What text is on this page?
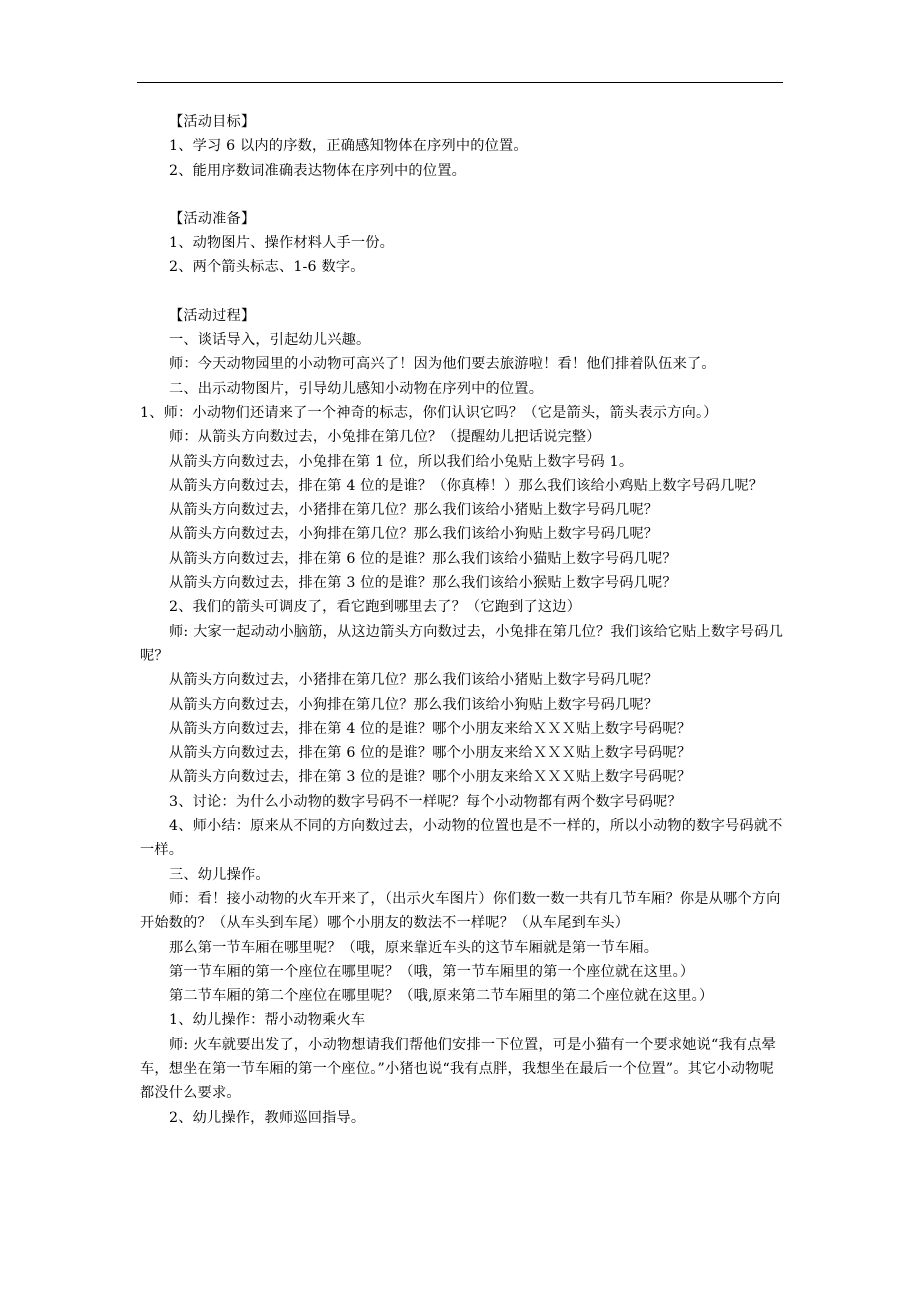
【活动目标】
1、学习 6 以内的序数，正确感知物体在序列中的位置。
2、能用序数词准确表达物体在序列中的位置。
【活动准备】
1、动物图片、操作材料人手一份。
2、两个箭头标志、1-6 数字。
【活动过程】
一、谈话导入，引起幼儿兴趣。
师：今天动物园里的小动物可高兴了！因为他们要去旅游啦！看！他们排着队伍来了。
二、出示动物图片，引导幼儿感知小动物在序列中的位置。
1、师：小动物们还请来了一个神奇的标志，你们认识它吗？（它是箭头，箭头表示方向。）
师：从箭头方向数过去，小兔排在第几位？（提醒幼儿把话说完整）
从箭头方向数过去，小兔排在第 1 位，所以我们给小兔贴上数字号码 1。
从箭头方向数过去，排在第 4 位的是谁？（你真棒！）那么我们该给小鸡贴上数字号码几呢？
从箭头方向数过去，小猪排在第几位？那么我们该给小猪贴上数字号码几呢？
从箭头方向数过去，小狗排在第几位？那么我们该给小狗贴上数字号码几呢？
从箭头方向数过去，排在第 6 位的是谁？那么我们该给小猫贴上数字号码几呢？
从箭头方向数过去，排在第 3 位的是谁？那么我们该给小猴贴上数字号码几呢？
2、我们的箭头可调皮了，看它跑到哪里去了？（它跑到了这边）
师: 大家一起动动小脑筋，从这边箭头方向数过去，小兔排在第几位？我们该给它贴上数字号码几呢？
从箭头方向数过去，小猪排在第几位？那么我们该给小猪贴上数字号码几呢？
从箭头方向数过去，小狗排在第几位？那么我们该给小狗贴上数字号码几呢？
从箭头方向数过去，排在第 4 位的是谁？哪个小朋友来给ＸＸＸ贴上数字号码呢？
从箭头方向数过去，排在第 6 位的是谁？哪个小朋友来给ＸＸＸ贴上数字号码呢？
从箭头方向数过去，排在第 3 位的是谁？哪个小朋友来给ＸＸＸ贴上数字号码呢？
3、讨论：为什么小动物的数字号码不一样呢？每个小动物都有两个数字号码呢？
4、师小结：原来从不同的方向数过去，小动物的位置也是不一样的，所以小动物的数字号码就不一样。
三、幼儿操作。
师：看！接小动物的火车开来了，（出示火车图片）你们数一数一共有几节车厢？你是从哪个方向开始数的？（从车头到车尾）哪个小朋友的数法不一样呢？（从车尾到车头）
那么第一节车厢在哪里呢？（哦，原来靠近车头的这节车厢就是第一节车厢。
第一节车厢的第一个座位在哪里呢？（哦，第一节车厢里的第一个座位就在这里。）
第二节车厢的第二个座位在哪里呢？（哦,原来第二节车厢里的第二个座位就在这里。）
1、幼儿操作：帮小动物乘火车
师: 火车就要出发了，小动物想请我们帮他们安排一下位置，可是小猫有一个要求她说“我有点晕车，想坐在第一节车厢的第一个座位。”小猪也说“我有点胖，我想坐在最后一个位置”。其它小动物呢都没什么要求。
2、幼儿操作，教师巡回指导。
